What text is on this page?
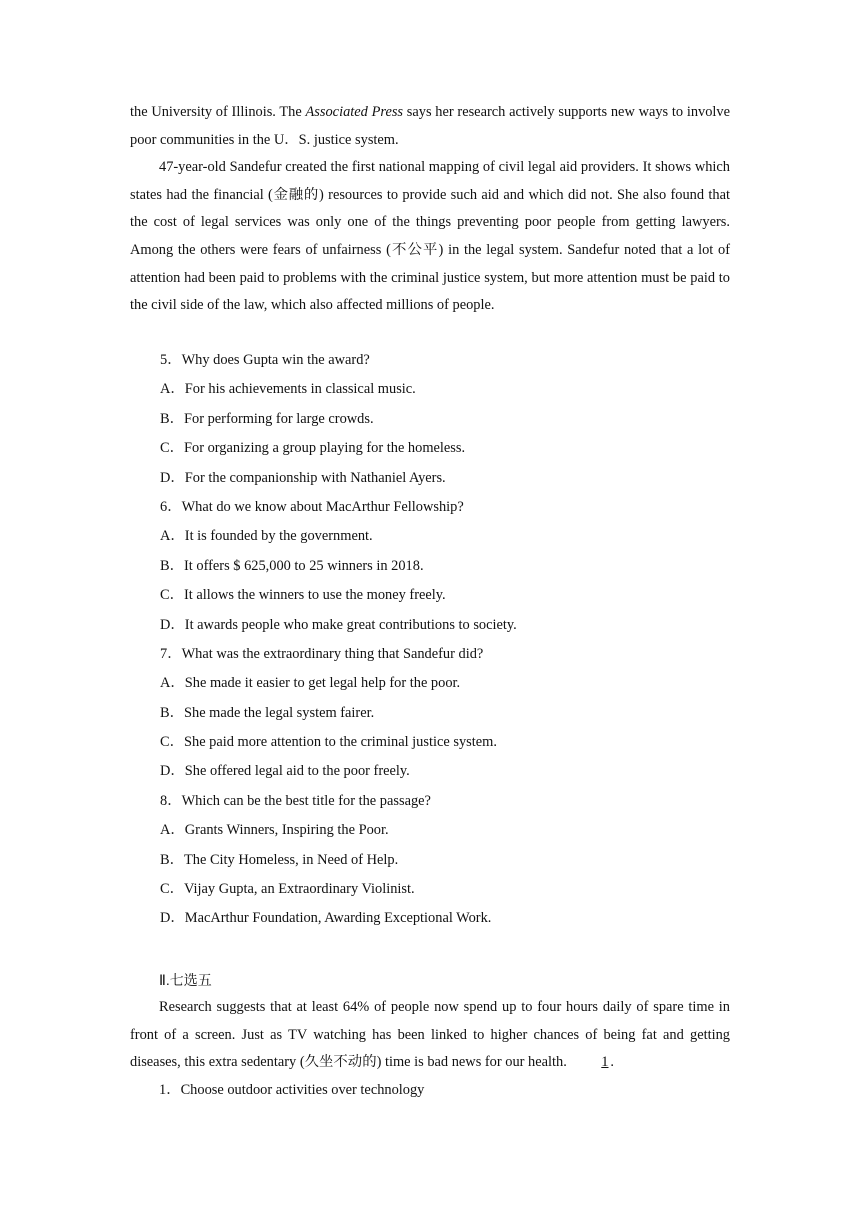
the University of Illinois. The Associated Press says her research actively supports new ways to involve poor communities in the U．S. justice system.

47-year-old Sandefur created the first national mapping of civil legal aid providers. It shows which states had the financial (金融的) resources to provide such aid and which did not. She also found that the cost of legal services was only one of the things preventing poor people from getting lawyers. Among the others were fears of unfairness (不公平) in the legal system. Sandefur noted that a lot of attention had been paid to problems with the criminal justice system, but more attention must be paid to the civil side of the law, which also affected millions of people.

5．Why does Gupta win the award?

A．For his achievements in classical music.

B．For performing for large crowds.

C．For organizing a group playing for the homeless.

D．For the companionship with Nathaniel Ayers.

6．What do we know about MacArthur Fellowship?

A．It is founded by the government.

B．It offers $ 625,000 to 25 winners in 2018.

C．It allows the winners to use the money freely.

D．It awards people who make great contributions to society.

7．What was the extraordinary thing that Sandefur did?

A．She made it easier to get legal help for the poor.

B．She made the legal system fairer.

C．She paid more attention to the criminal justice system.

D．She offered legal aid to the poor freely.

8．Which can be the best title for the passage?

A．Grants Winners, Inspiring the Poor.

B．The City Homeless, in Need of Help.

C．Vijay Gupta, an Extraordinary Violinist.

D．MacArthur Foundation, Awarding Exceptional Work.

Ⅱ.七选五

Research suggests that at least 64% of people now spend up to four hours daily of spare time in front of a screen. Just as TV watching has been linked to higher chances of being fat and getting diseases, this extra sedentary (久坐不动的) time is bad news for our health. 1 .

1．Choose outdoor activities over technology
